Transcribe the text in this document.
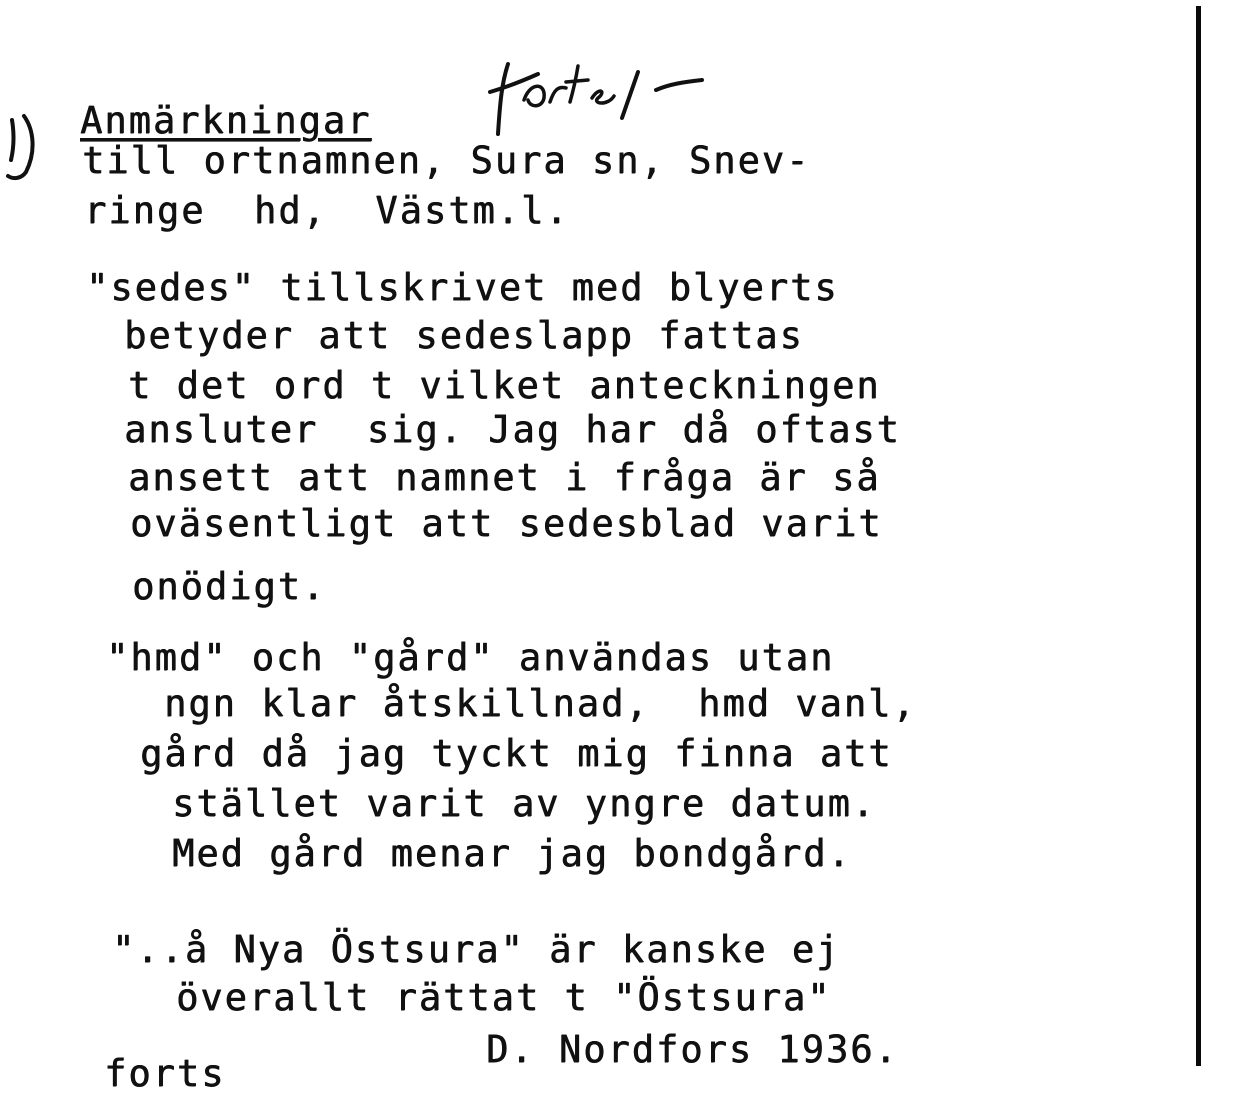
Anmärkningar
till ortnamnen, Sura sn, Snev-
ringe  hd,  Västm.l.
"sedes" tillskrivet med blyerts
betyder att sedeslapp fattas
t det ord t vilket anteckningen
ansluter  sig. Jag har då oftast
ansett att namnet i fråga är så
oväsentligt att sedesblad varit
onödigt.
"hmd" och "gård" användas utan
ngn klar åtskillnad,  hmd vanl,
gård då jag tyckt mig finna att
stället varit av yngre datum.
Med gård menar jag bondgård.
"..å Nya Östsura" är kanske ej
överallt rättat t "Östsura"
forts
D. Nordfors 1936.
